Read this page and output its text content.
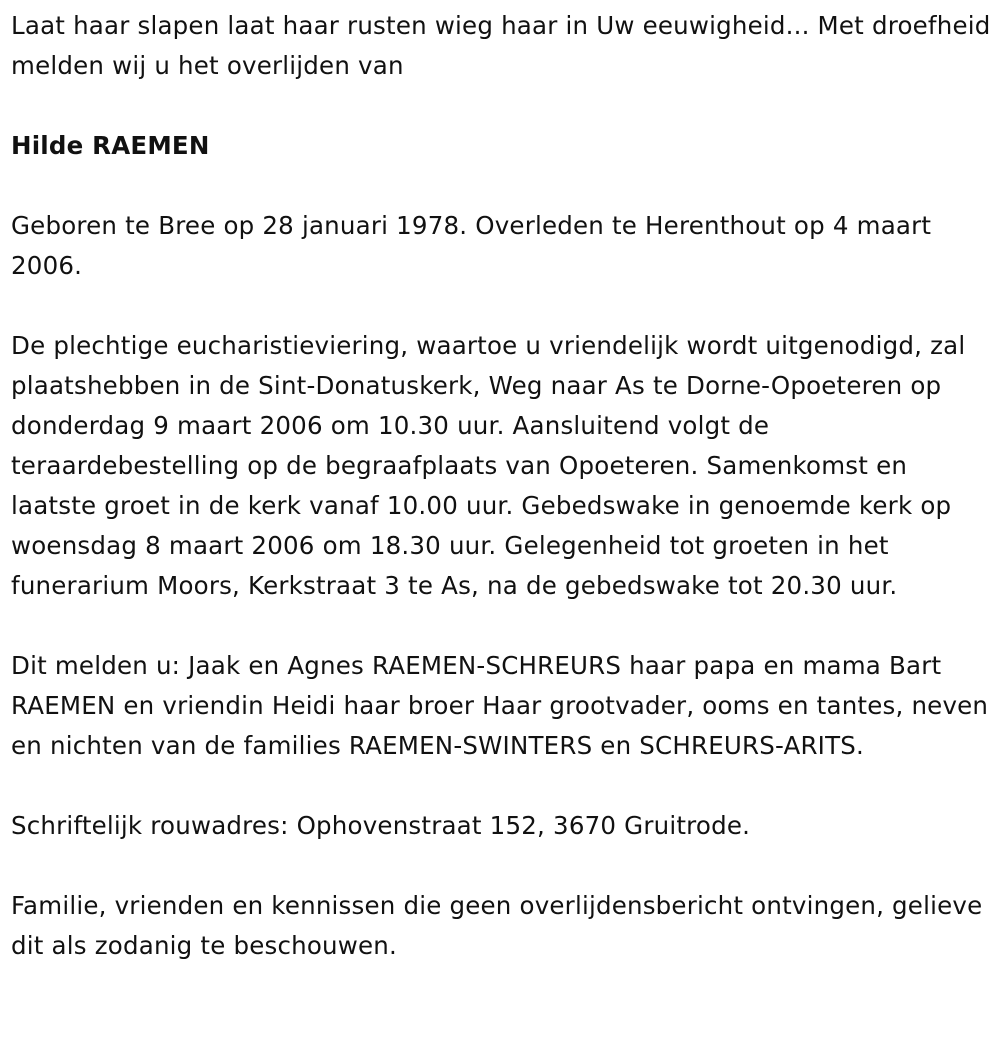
Laat haar slapen laat haar rusten wieg haar in Uw eeuwigheid... Met droefheid melden wij u het overlijden van

Hilde RAEMEN

Geboren te Bree op 28 januari 1978. Overleden te Herenthout op 4 maart 2006.

De plechtige eucharistieviering, waartoe u vriendelijk wordt uitgenodigd, zal plaatshebben in de Sint-Donatuskerk, Weg naar As te Dorne-Opoeteren op donderdag 9 maart 2006 om 10.30 uur. Aansluitend volgt de teraardebestelling op de begraafplaats van Opoeteren. Samenkomst en laatste groet in de kerk vanaf 10.00 uur. Gebedswake in genoemde kerk op woensdag 8 maart 2006 om 18.30 uur. Gelegenheid tot groeten in het funerarium Moors, Kerkstraat 3 te As, na de gebedswake tot 20.30 uur.

Dit melden u: Jaak en Agnes RAEMEN-SCHREURS haar papa en mama Bart RAEMEN en vriendin Heidi haar broer Haar grootvader, ooms en tantes, neven en nichten van de families RAEMEN-SWINTERS en SCHREURS-ARITS.

Schriftelijk rouwadres: Ophovenstraat 152, 3670 Gruitrode.

Familie, vrienden en kennissen die geen overlijdensbericht ontvingen, gelieve dit als zodanig te beschouwen.
